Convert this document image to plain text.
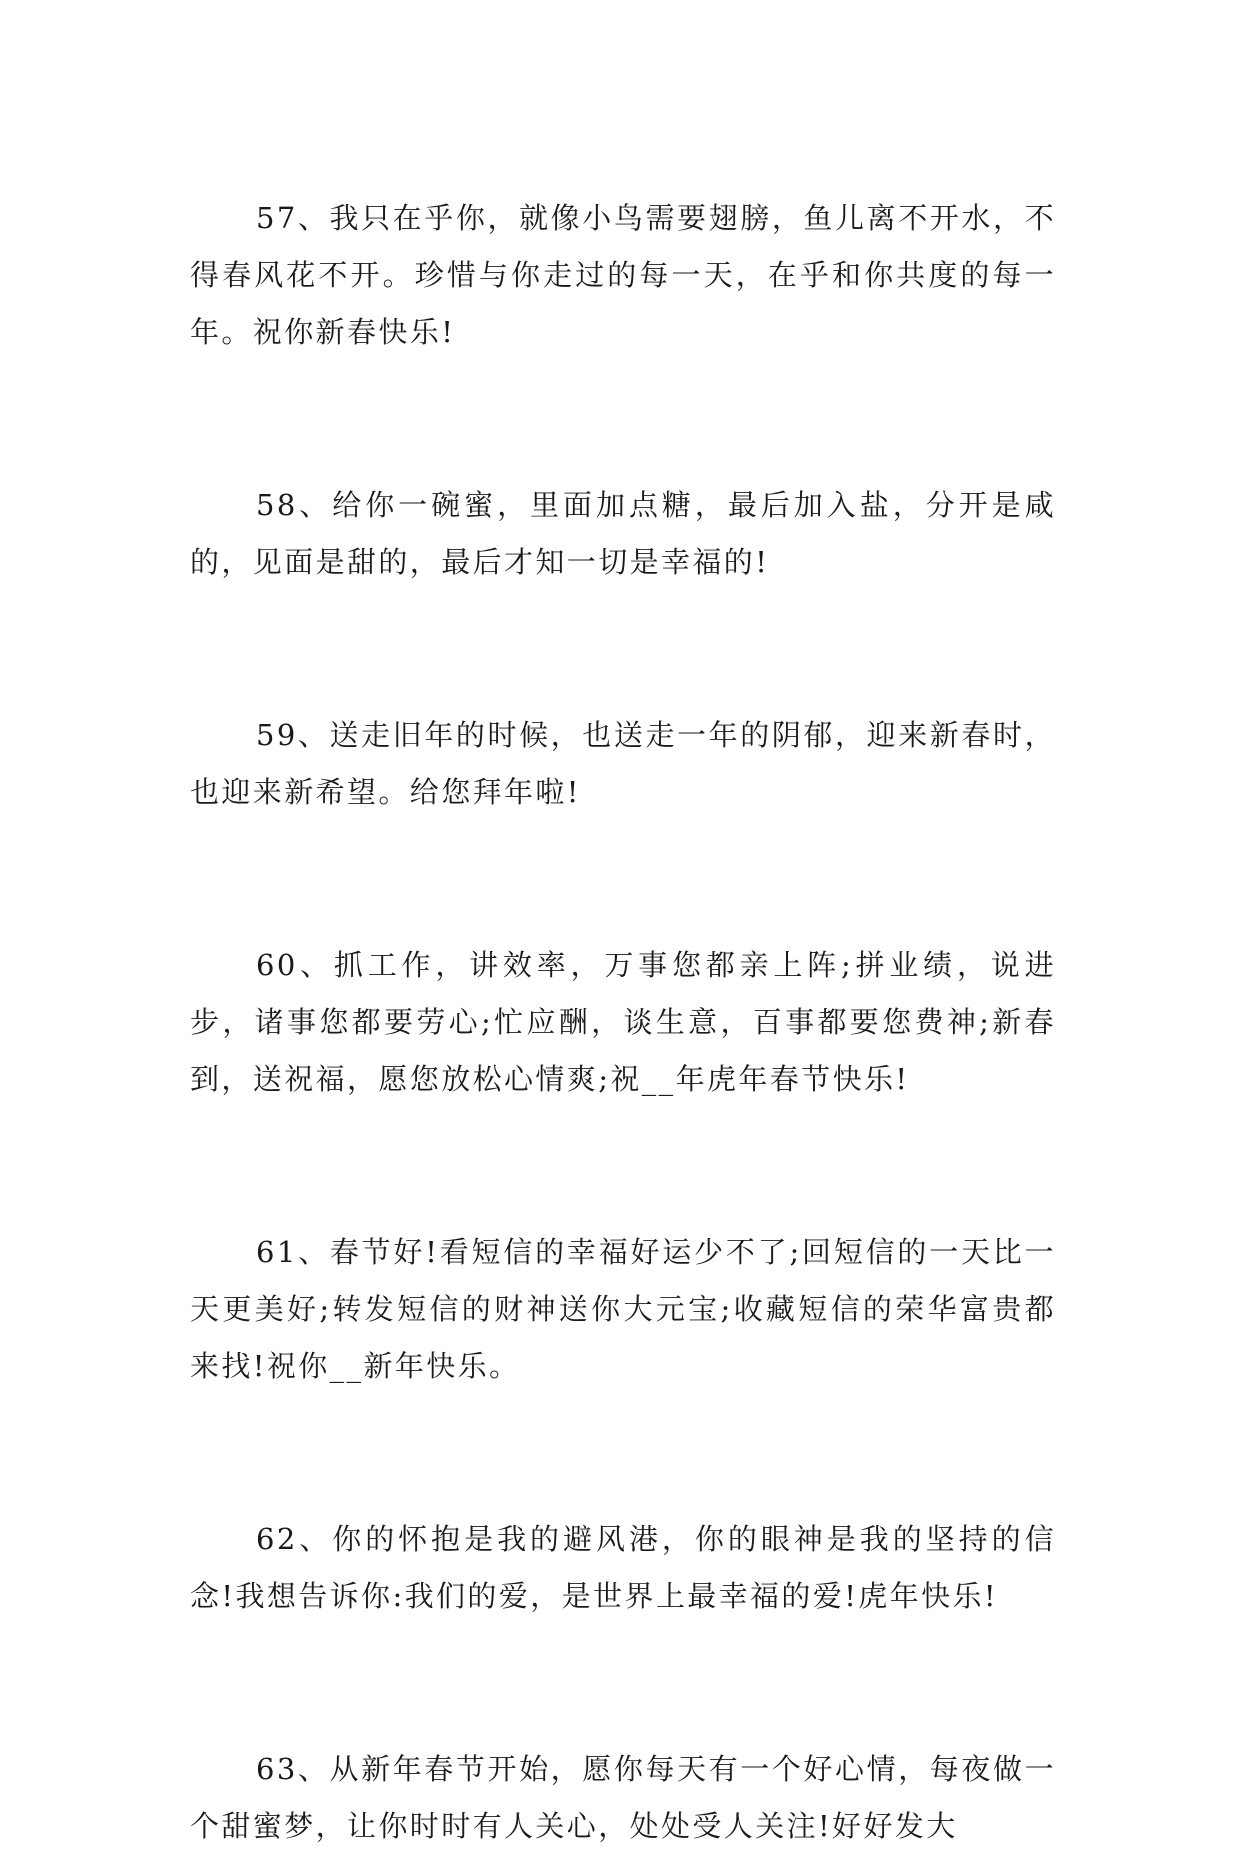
57、我只在乎你，就像小鸟需要翅膀，鱼儿离不开水，不得春风花不开。珍惜与你走过的每一天，在乎和你共度的每一年。祝你新春快乐!

58、给你一碗蜜，里面加点糖，最后加入盐，分开是咸的，见面是甜的，最后才知一切是幸福的!

59、送走旧年的时候，也送走一年的阴郁，迎来新春时，也迎来新希望。给您拜年啦!

60、抓工作，讲效率，万事您都亲上阵;拼业绩，说进步，诸事您都要劳心;忙应酬，谈生意，百事都要您费神;新春到，送祝福，愿您放松心情爽;祝__年虎年春节快乐!

61、春节好!看短信的幸福好运少不了;回短信的一天比一天更美好;转发短信的财神送你大元宝;收藏短信的荣华富贵都来找!祝你__新年快乐。

62、你的怀抱是我的避风港，你的眼神是我的坚持的信念!我想告诉你:我们的爱，是世界上最幸福的爱!虎年快乐!

63、从新年春节开始，愿你每天有一个好心情，每夜做一个甜蜜梦，让你时时有人关心，处处受人关注!好好发大
